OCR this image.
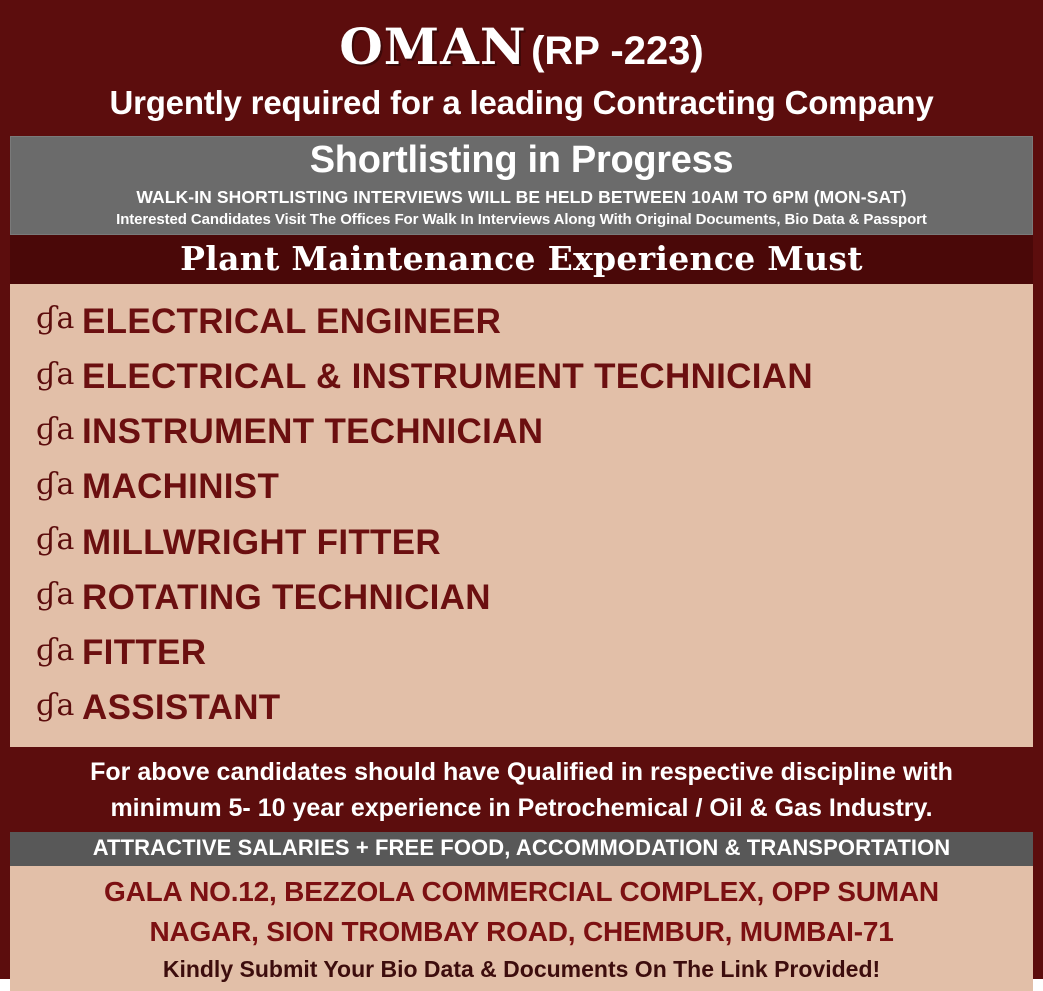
OMAN (RP -223)
Urgently required for a leading Contracting Company
Shortlisting in Progress
WALK-IN SHORTLISTING INTERVIEWS WILL BE HELD BETWEEN 10AM TO 6PM (MON-SAT)
Interested Candidates Visit The Offices For Walk In Interviews Along With Original Documents, Bio Data & Passport
Plant Maintenance Experience Must
ɠa ELECTRICAL ENGINEER
ɠa ELECTRICAL & INSTRUMENT TECHNICIAN
ɠa INSTRUMENT TECHNICIAN
ɠa MACHINIST
ɠa MILLWRIGHT FITTER
ɠa ROTATING TECHNICIAN
ɠa FITTER
ɠa ASSISTANT
For above candidates should have Qualified in respective discipline with
minimum 5- 10 year experience in Petrochemical / Oil & Gas Industry.
ATTRACTIVE SALARIES + FREE FOOD, ACCOMMODATION & TRANSPORTATION
GALA NO.12, BEZZOLA COMMERCIAL COMPLEX, OPP SUMAN
NAGAR, SION TROMBAY ROAD, CHEMBUR, MUMBAI-71
Kindly Submit Your Bio Data & Documents On The Link Provided!
